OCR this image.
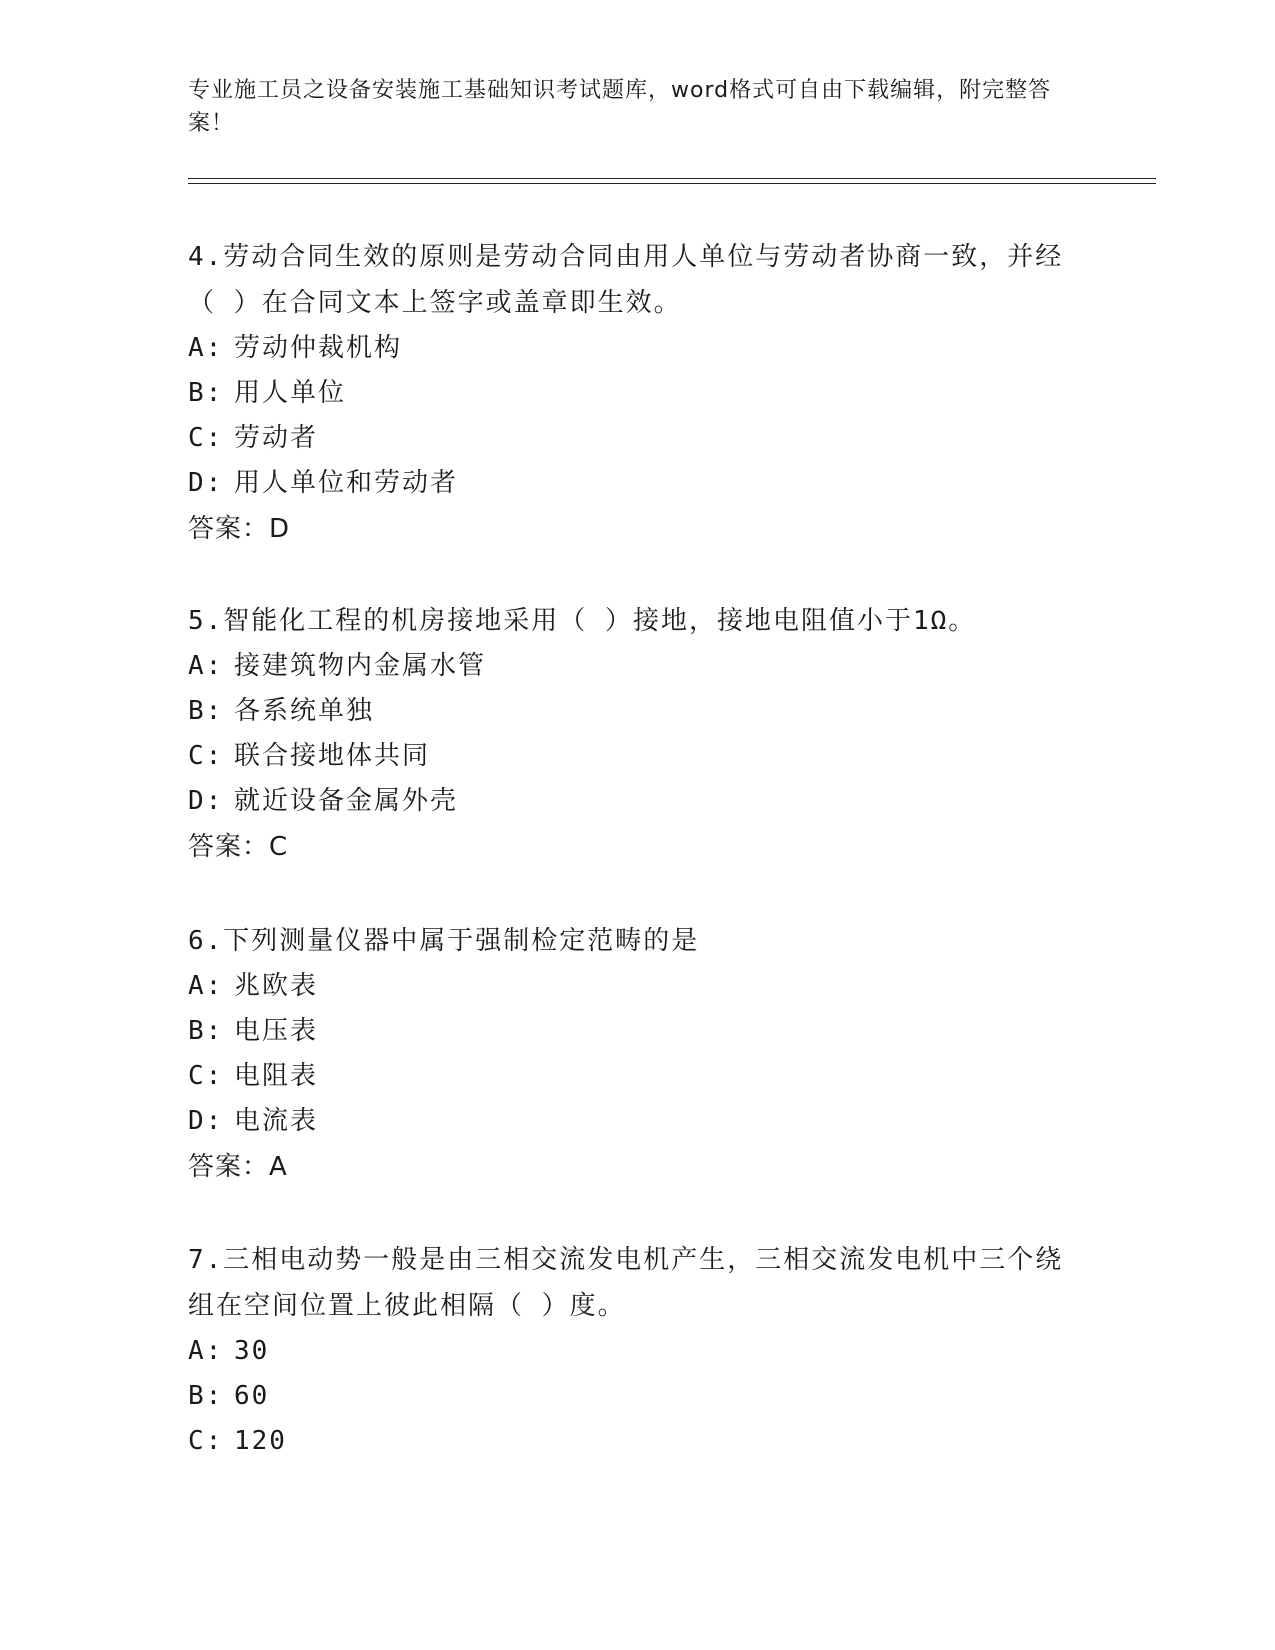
专业施工员之设备安装施工基础知识考试题库，word格式可自由下载编辑，附完整答案！

4.劳动合同生效的原则是劳动合同由用人单位与劳动者协商一致，并经（ ）在合同文本上签字或盖章即生效。

A: 劳动仲裁机构

B: 用人单位

C: 劳动者

D: 用人单位和劳动者

答案：D

5.智能化工程的机房接地采用（ ）接地，接地电阻值小于1Ω。

A: 接建筑物内金属水管

B: 各系统单独

C: 联合接地体共同

D: 就近设备金属外壳

答案：C

6.下列测量仪器中属于强制检定范畴的是

A: 兆欧表

B: 电压表

C: 电阻表

D: 电流表

答案：A

7.三相电动势一般是由三相交流发电机产生，三相交流发电机中三个绕组在空间位置上彼此相隔（ ）度。

A: 30

B: 60

C: 120
